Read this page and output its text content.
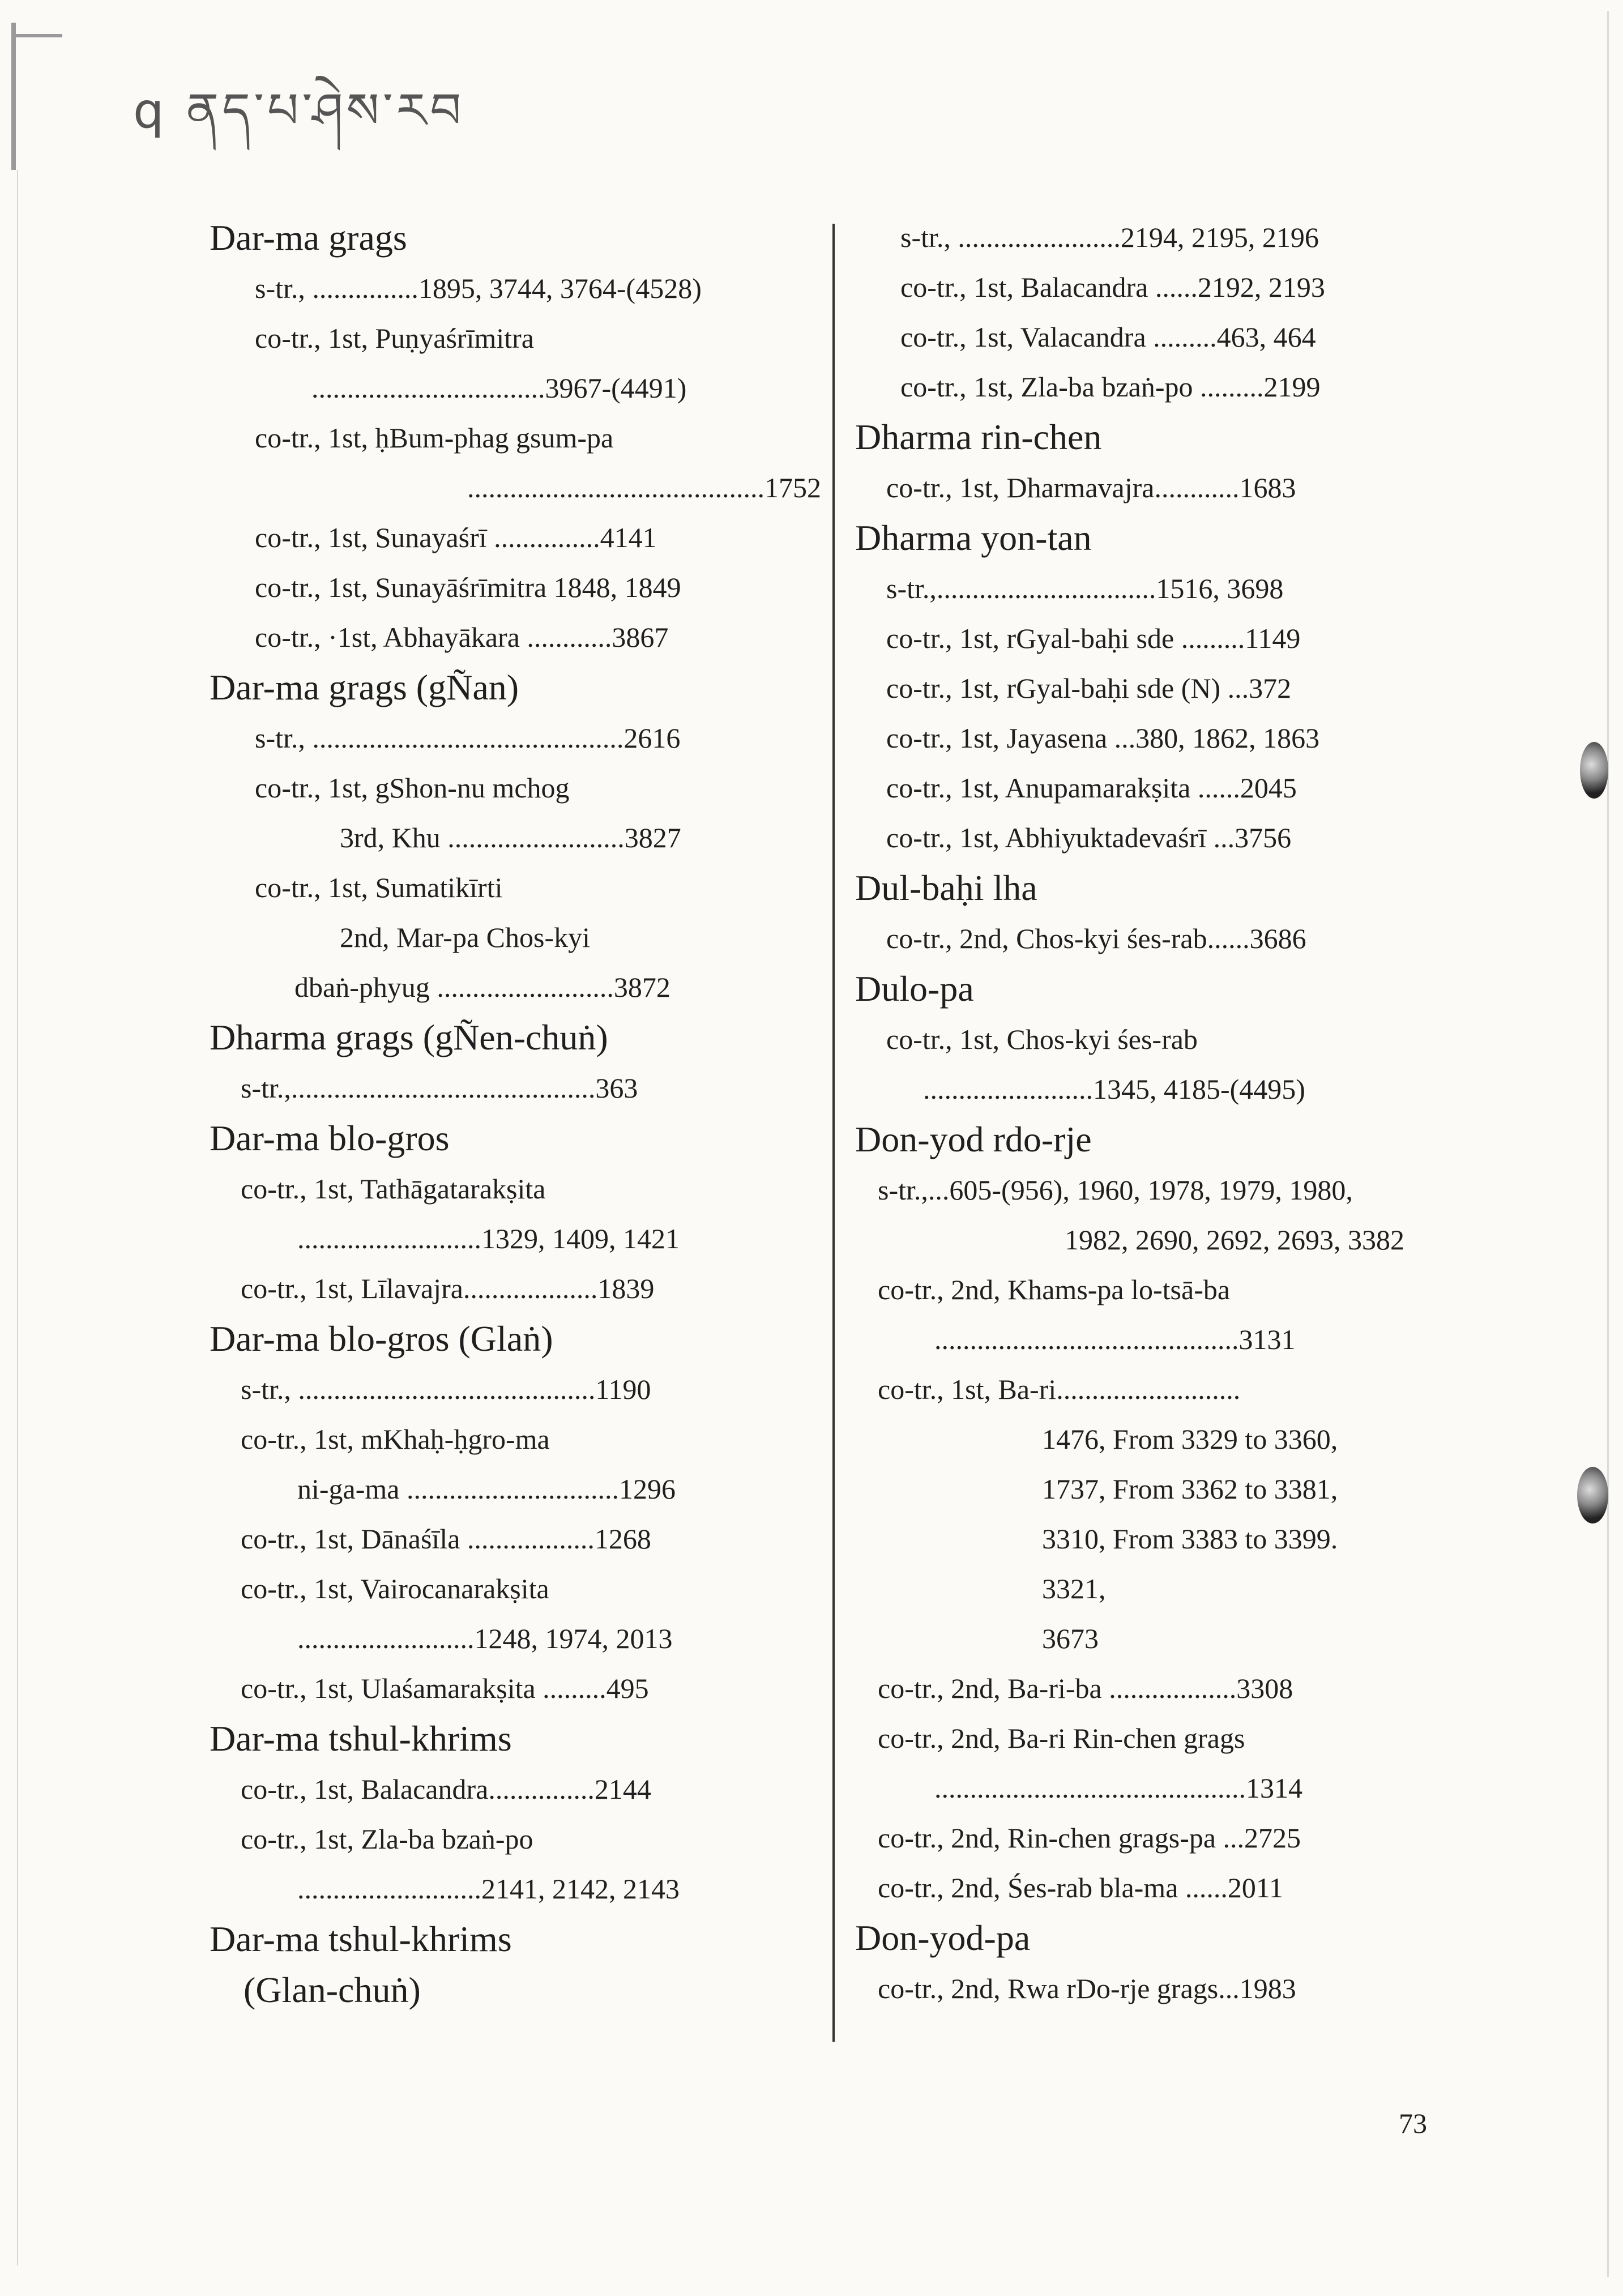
q ནད་པ་ཤེས་རབ
Dar-ma grags
s-tr., ...............1895, 3744, 3764-(4528)
co-tr., 1st, Puṇyaśrīmitra
.................................3967-(4491)
co-tr., 1st, ḥBum-phag gsum-pa
..........................................1752
co-tr., 1st, Sunayaśrī ...............4141
co-tr., 1st, Sunayāśrīmitra 1848, 1849
co-tr., ·1st, Abhayākara ............3867
Dar-ma grags (gÑan)
s-tr., ............................................2616
co-tr., 1st, gShon-nu mchog
3rd, Khu .........................3827
co-tr., 1st, Sumatikīrti
2nd, Mar-pa Chos-kyi
dbaṅ-phyug .........................3872
Dharma grags (gÑen-chuṅ)
s-tr.,...........................................363
Dar-ma blo-gros
co-tr., 1st, Tathāgatarakṣita
..........................1329, 1409, 1421
co-tr., 1st, Līlavajra...................1839
Dar-ma blo-gros (Glaṅ)
s-tr., ..........................................1190
co-tr., 1st, mKhaḥ-ḥgro-ma
ni-ga-ma ..............................1296
co-tr., 1st, Dānaśīla ..................1268
co-tr., 1st, Vairocanarakṣita
.........................1248, 1974, 2013
co-tr., 1st, Ulaśamarakṣita .........495
Dar-ma tshul-khrims
co-tr., 1st, Balacandra...............2144
co-tr., 1st, Zla-ba bzaṅ-po
..........................2141, 2142, 2143
Dar-ma tshul-khrims
(Glan-chuṅ)
s-tr., .......................2194, 2195, 2196
co-tr., 1st, Balacandra ......2192, 2193
co-tr., 1st, Valacandra .........463, 464
co-tr., 1st, Zla-ba bzaṅ-po .........2199
Dharma rin-chen
co-tr., 1st, Dharmavajra............1683
Dharma yon-tan
s-tr.,...............................1516, 3698
co-tr., 1st, rGyal-baḥi sde .........1149
co-tr., 1st, rGyal-baḥi sde (N) ...372
co-tr., 1st, Jayasena ...380, 1862, 1863
co-tr., 1st, Anupamarakṣita ......2045
co-tr., 1st, Abhiyuktadevaśrī ...3756
Dul-baḥi lha
co-tr., 2nd, Chos-kyi śes-rab......3686
Dulo-pa
co-tr., 1st, Chos-kyi śes-rab
........................1345, 4185-(4495)
Don-yod rdo-rje
s-tr.,...605-(956), 1960, 1978, 1979, 1980,
1982, 2690, 2692, 2693, 3382
co-tr., 2nd, Khams-pa lo-tsā-ba
...........................................3131
co-tr., 1st, Ba-ri..........................
1476, From 3329 to 3360,
1737, From 3362 to 3381,
3310, From 3383 to 3399.
3321,
3673
co-tr., 2nd, Ba-ri-ba ..................3308
co-tr., 2nd, Ba-ri Rin-chen grags
............................................1314
co-tr., 2nd, Rin-chen grags-pa ...2725
co-tr., 2nd, Śes-rab bla-ma ......2011
Don-yod-pa
co-tr., 2nd, Rwa rDo-rje grags...1983
73
